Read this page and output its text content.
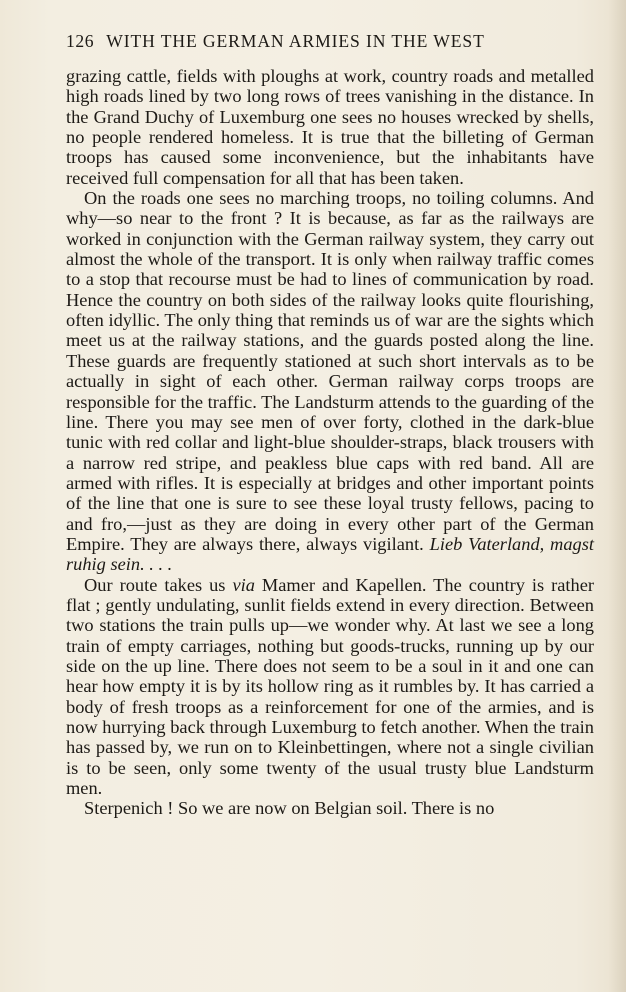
126 WITH THE GERMAN ARMIES IN THE WEST

grazing cattle, fields with ploughs at work, country roads and metalled high roads lined by two long rows of trees vanishing in the distance. In the Grand Duchy of Luxemburg one sees no houses wrecked by shells, no people rendered homeless. It is true that the billeting of German troops has caused some inconvenience, but the inhabitants have received full compensation for all that has been taken.

On the roads one sees no marching troops, no toiling columns. And why—so near to the front ? It is because, as far as the railways are worked in conjunction with the German railway system, they carry out almost the whole of the transport. It is only when railway traffic comes to a stop that recourse must be had to lines of communication by road. Hence the country on both sides of the railway looks quite flourishing, often idyllic. The only thing that reminds us of war are the sights which meet us at the railway stations, and the guards posted along the line. These guards are frequently stationed at such short intervals as to be actually in sight of each other. German railway corps troops are responsible for the traffic. The Landsturm attends to the guarding of the line. There you may see men of over forty, clothed in the dark-blue tunic with red collar and light-blue shoulder-straps, black trousers with a narrow red stripe, and peakless blue caps with red band. All are armed with rifles. It is especially at bridges and other important points of the line that one is sure to see these loyal trusty fellows, pacing to and fro,—just as they are doing in every other part of the German Empire. They are always there, always vigilant. Lieb Vaterland, magst ruhig sein. . . .

Our route takes us via Mamer and Kapellen. The country is rather flat ; gently undulating, sunlit fields extend in every direction. Between two stations the train pulls up—we wonder why. At last we see a long train of empty carriages, nothing but goods-trucks, running up by our side on the up line. There does not seem to be a soul in it and one can hear how empty it is by its hollow ring as it rumbles by. It has carried a body of fresh troops as a reinforcement for one of the armies, and is now hurrying back through Luxemburg to fetch another. When the train has passed by, we run on to Kleinbettingen, where not a single civilian is to be seen, only some twenty of the usual trusty blue Landsturm men.

Sterpenich ! So we are now on Belgian soil. There is no
